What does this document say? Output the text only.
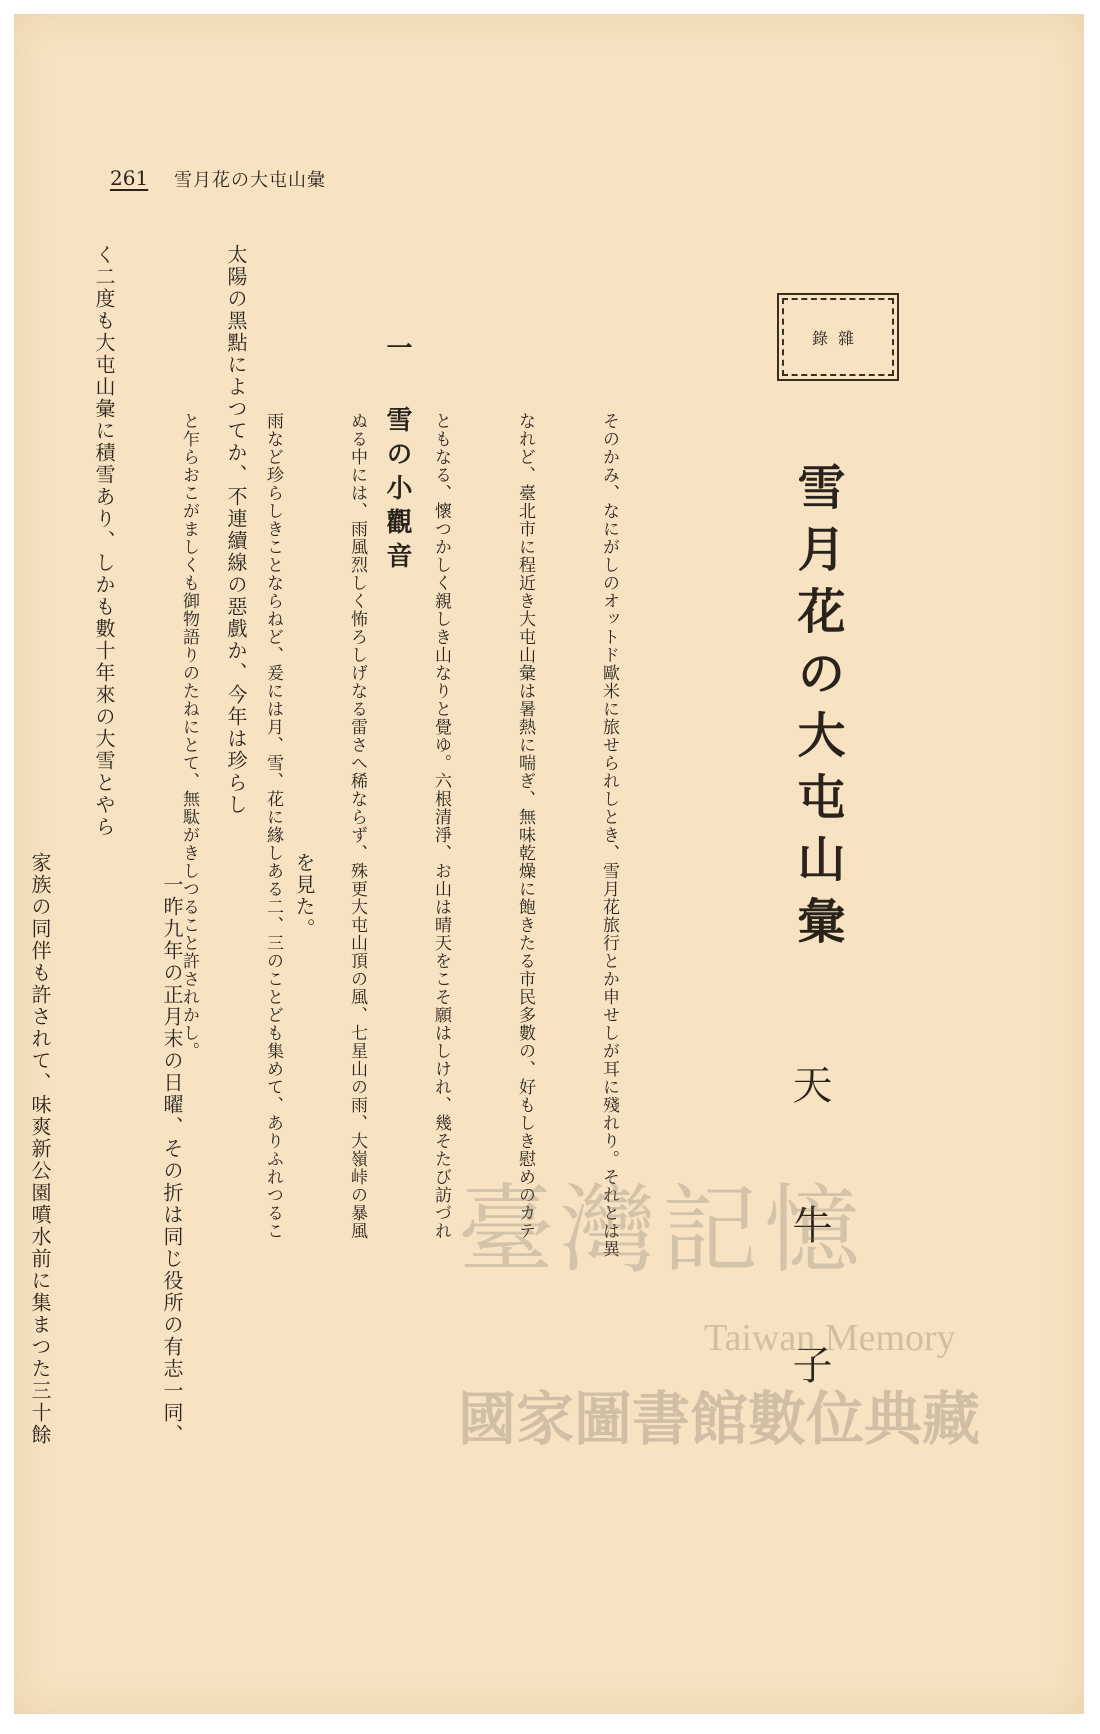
261 雪月花の大屯山彙
雜錄
雪月花の大屯山彙
天牛子

そのかみ、なにがしのオットド歐米に旅せられしとき、雪月花旅行とか申せしが耳に殘れり。それとは異

なれど、臺北市に程近き大屯山彙は暑熱に喘ぎ、無味乾燥に飽きたる市民多數の、好もしき慰めのカテ

ともなる、懷つかしく親しき山なりと覺ゆ。六根清淨、お山は晴天をこそ願はしけれ、幾そたび訪づれ

ぬる中には、雨風烈しく怖ろしげなる雷さへ稀ならず、殊更大屯山頂の風、七星山の雨、大嶺峠の暴風

雨など珍らしきことならねど、爰には月、雪、花に緣しある二、三のことども集めて、ありふれつるこ

と乍らおこがましくも御物語りのたねにとて、無駄がきしつること許されかし。

	を見た。

　一昨九年の正月末の日曜、その折は同じ役所の有志一同、

家族の同伴も許されて、味爽新公園噴水前に集まつた三十餘

一 雪の小觀音

太陽の黑點によつてか、不連續線の惡戲か、今年は珍らし

く二度も大屯山彙に積雪あり、しかも數十年來の大雪とやら

臺灣記憶
Taiwan Memory
國家圖書館數位典藏
